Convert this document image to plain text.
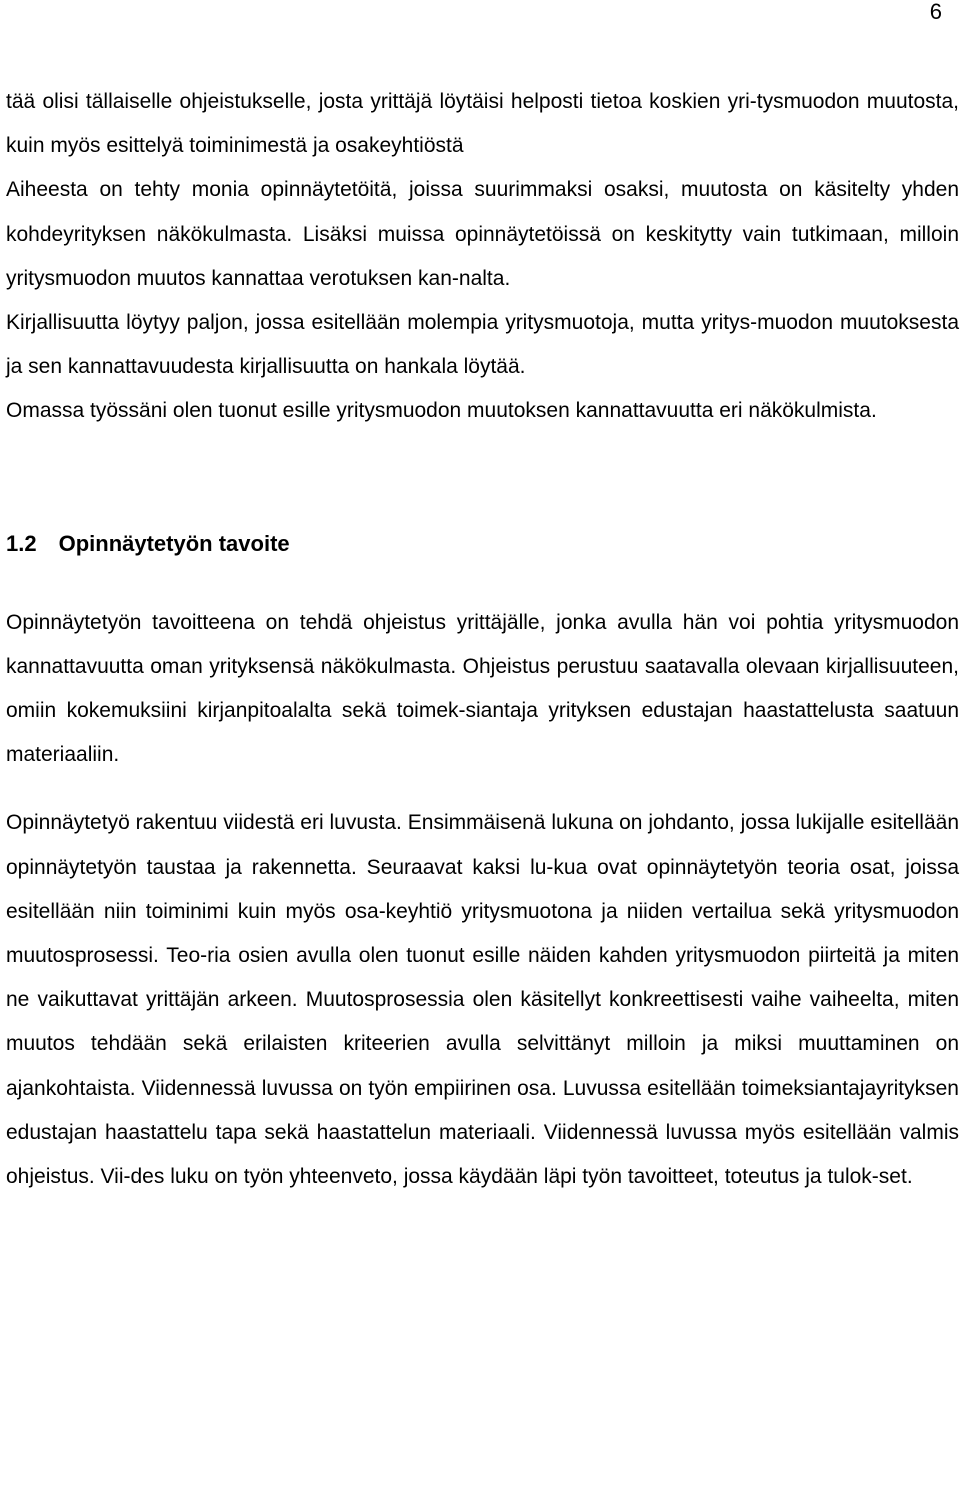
6

tää olisi tällaiselle ohjeistukselle, josta yrittäjä löytäisi helposti tietoa koskien yri-tysmuodon muutosta, kuin myös esittelyä toiminimestä ja osakeyhtiöstä

Aiheesta on tehty monia opinnäytetöitä, joissa suurimmaksi osaksi, muutosta on käsitelty yhden kohdeyrityksen näkökulmasta. Lisäksi muissa opinnäytetöissä on keskitytty vain tutkimaan, milloin yritysmuodon muutos kannattaa verotuksen kan-nalta.

Kirjallisuutta löytyy paljon, jossa esitellään molempia yritysmuotoja, mutta yritys-muodon muutoksesta ja sen kannattavuudesta kirjallisuutta on hankala löytää.

Omassa työssäni olen tuonut esille yritysmuodon muutoksen kannattavuutta eri näkökulmista.

1.2 Opinnäytetyön tavoite

Opinnäytetyön tavoitteena on tehdä ohjeistus yrittäjälle, jonka avulla hän voi pohtia yritysmuodon kannattavuutta oman yrityksensä näkökulmasta. Ohjeistus perustuu saatavalla olevaan kirjallisuuteen, omiin kokemuksiini kirjanpitoalalta sekä toimek-siantaja yrityksen edustajan haastattelusta saatuun materiaaliin.

Opinnäytetyö rakentuu viidestä eri luvusta. Ensimmäisenä lukuna on johdanto, jossa lukijalle esitellään opinnäytetyön taustaa ja rakennetta. Seuraavat kaksi lu-kua ovat opinnäytetyön teoria osat, joissa esitellään niin toiminimi kuin myös osa-keyhtiö yritysmuotona ja niiden vertailua sekä yritysmuodon muutosprosessi. Teo-ria osien avulla olen tuonut esille näiden kahden yritysmuodon piirteitä ja miten ne vaikuttavat yrittäjän arkeen. Muutosprosessia olen käsitellyt konkreettisesti vaihe vaiheelta, miten muutos tehdään sekä erilaisten kriteerien avulla selvittänyt milloin ja miksi muuttaminen on ajankohtaista. Viidennessä luvussa on työn empiirinen osa. Luvussa esitellään toimeksiantajayrityksen edustajan haastattelu tapa sekä haastattelun materiaali. Viidennessä luvussa myös esitellään valmis ohjeistus. Vii-des luku on työn yhteenveto, jossa käydään läpi työn tavoitteet, toteutus ja tulok-set.
